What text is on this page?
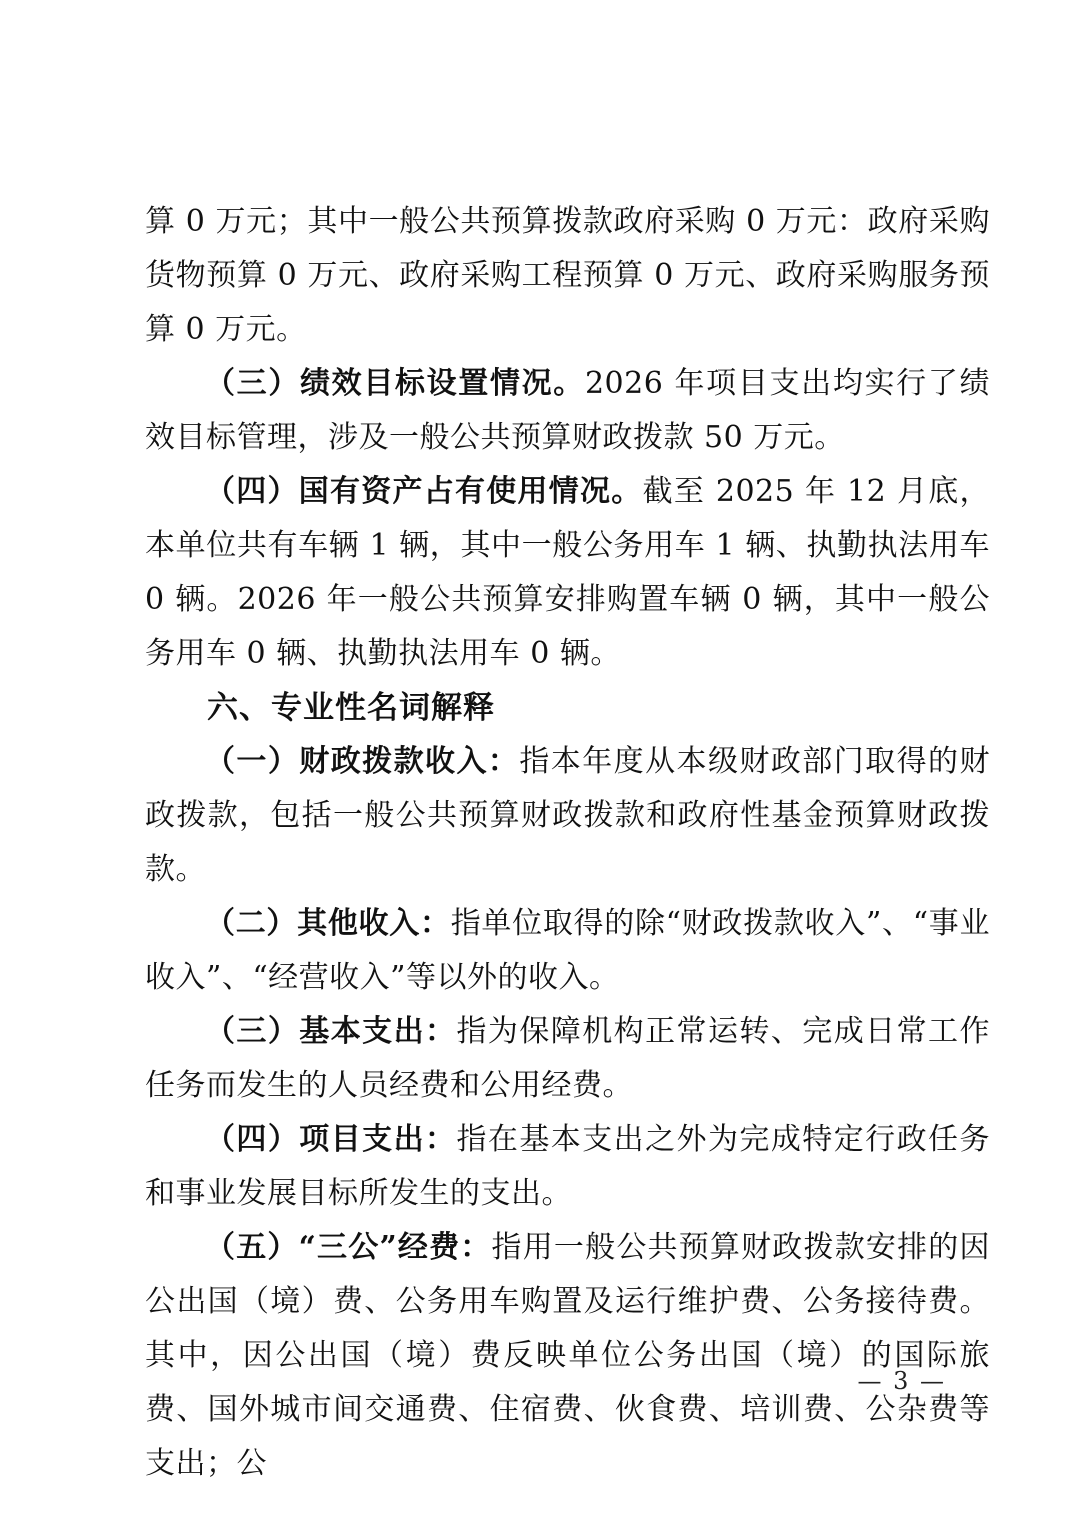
算 0 万元；其中一般公共预算拨款政府采购 0 万元：政府采购货物预算 0 万元、政府采购工程预算 0 万元、政府采购服务预算 0 万元。

（三）绩效目标设置情况。2026 年项目支出均实行了绩效目标管理，涉及一般公共预算财政拨款 50 万元。

（四）国有资产占有使用情况。截至 2025 年 12 月底，本单位共有车辆 1 辆，其中一般公务用车 1 辆、执勤执法用车 0 辆。2026 年一般公共预算安排购置车辆 0 辆，其中一般公务用车 0 辆、执勤执法用车 0 辆。

六、专业性名词解释

（一）财政拨款收入：指本年度从本级财政部门取得的财政拨款，包括一般公共预算财政拨款和政府性基金预算财政拨款。

（二）其他收入：指单位取得的除“财政拨款收入”、“事业收入”、“经营收入”等以外的收入。

（三）基本支出：指为保障机构正常运转、完成日常工作任务而发生的人员经费和公用经费。

（四）项目支出：指在基本支出之外为完成特定行政任务和事业发展目标所发生的支出。

（五）“三公”经费：指用一般公共预算财政拨款安排的因公出国（境）费、公务用车购置及运行维护费、公务接待费。其中，因公出国（境）费反映单位公务出国（境）的国际旅费、国外城市间交通费、住宿费、伙食费、培训费、公杂费等支出；公

— 3 —
